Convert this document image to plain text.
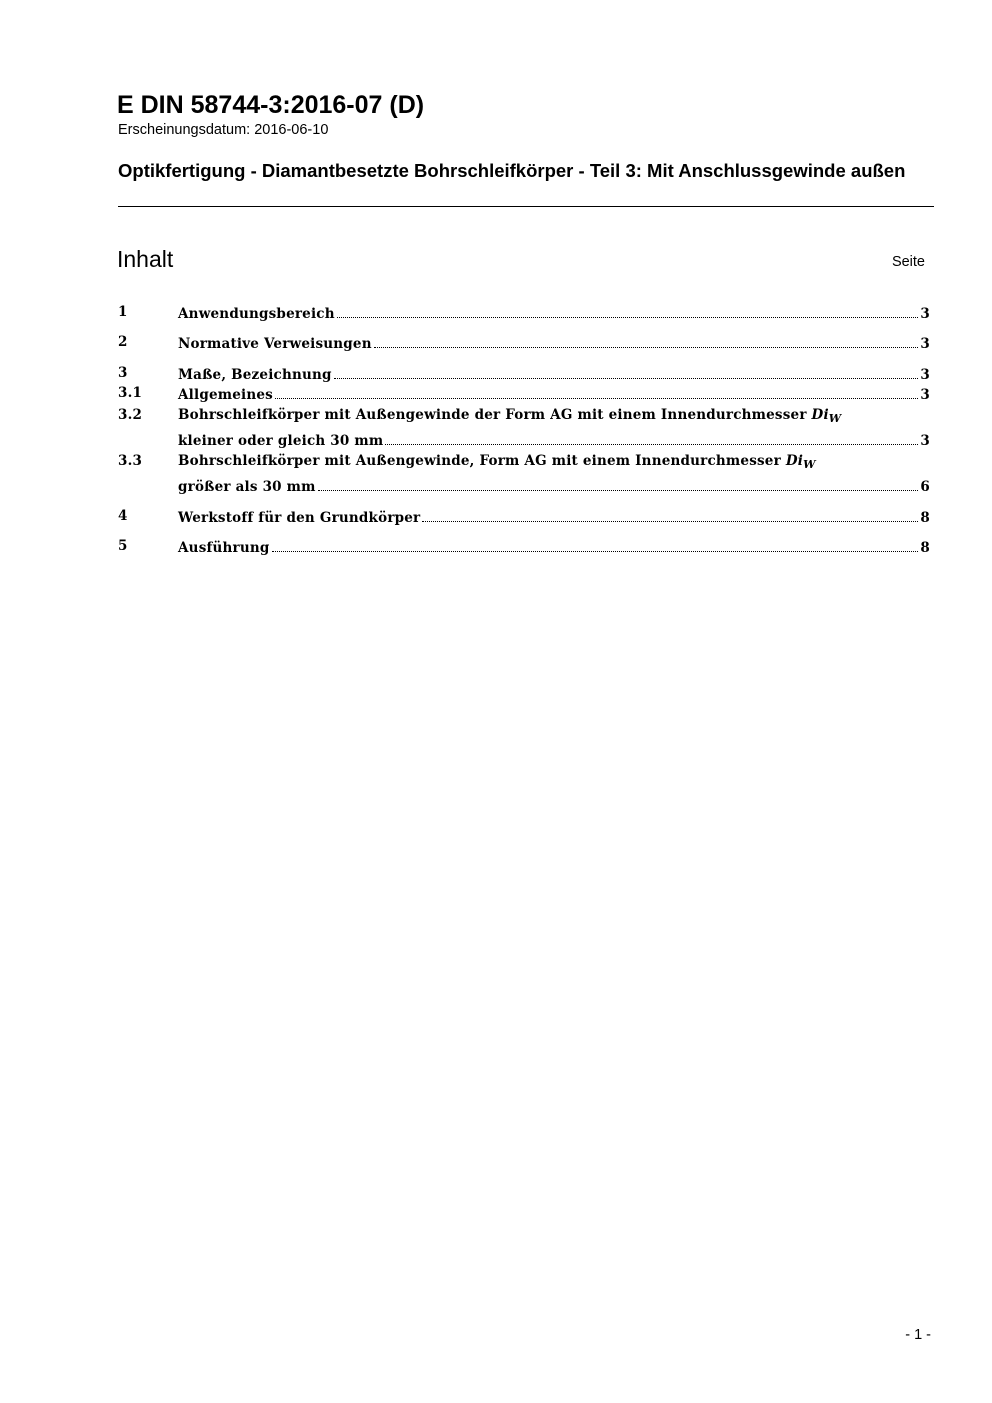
E DIN 58744-3:2016-07 (D)
Erscheinungsdatum: 2016-06-10
Optikfertigung - Diamantbesetzte Bohrschleifkörper - Teil 3: Mit Anschlussgewinde außen
Inhalt	Seite
1	Anwendungsbereich	3
2	Normative Verweisungen	3
3	Maße, Bezeichnung	3
3.1	Allgemeines	3
3.2	Bohrschleifkörper mit Außengewinde der Form AG mit einem Innendurchmesser $Di_W$
kleiner oder gleich 30 mm	3
3.3	Bohrschleifkörper mit Außengewinde, Form AG mit einem Innendurchmesser $Di_W$
größer als 30 mm	6
4	Werkstoff für den Grundkörper	8
5	Ausführung	8
- 1 -
